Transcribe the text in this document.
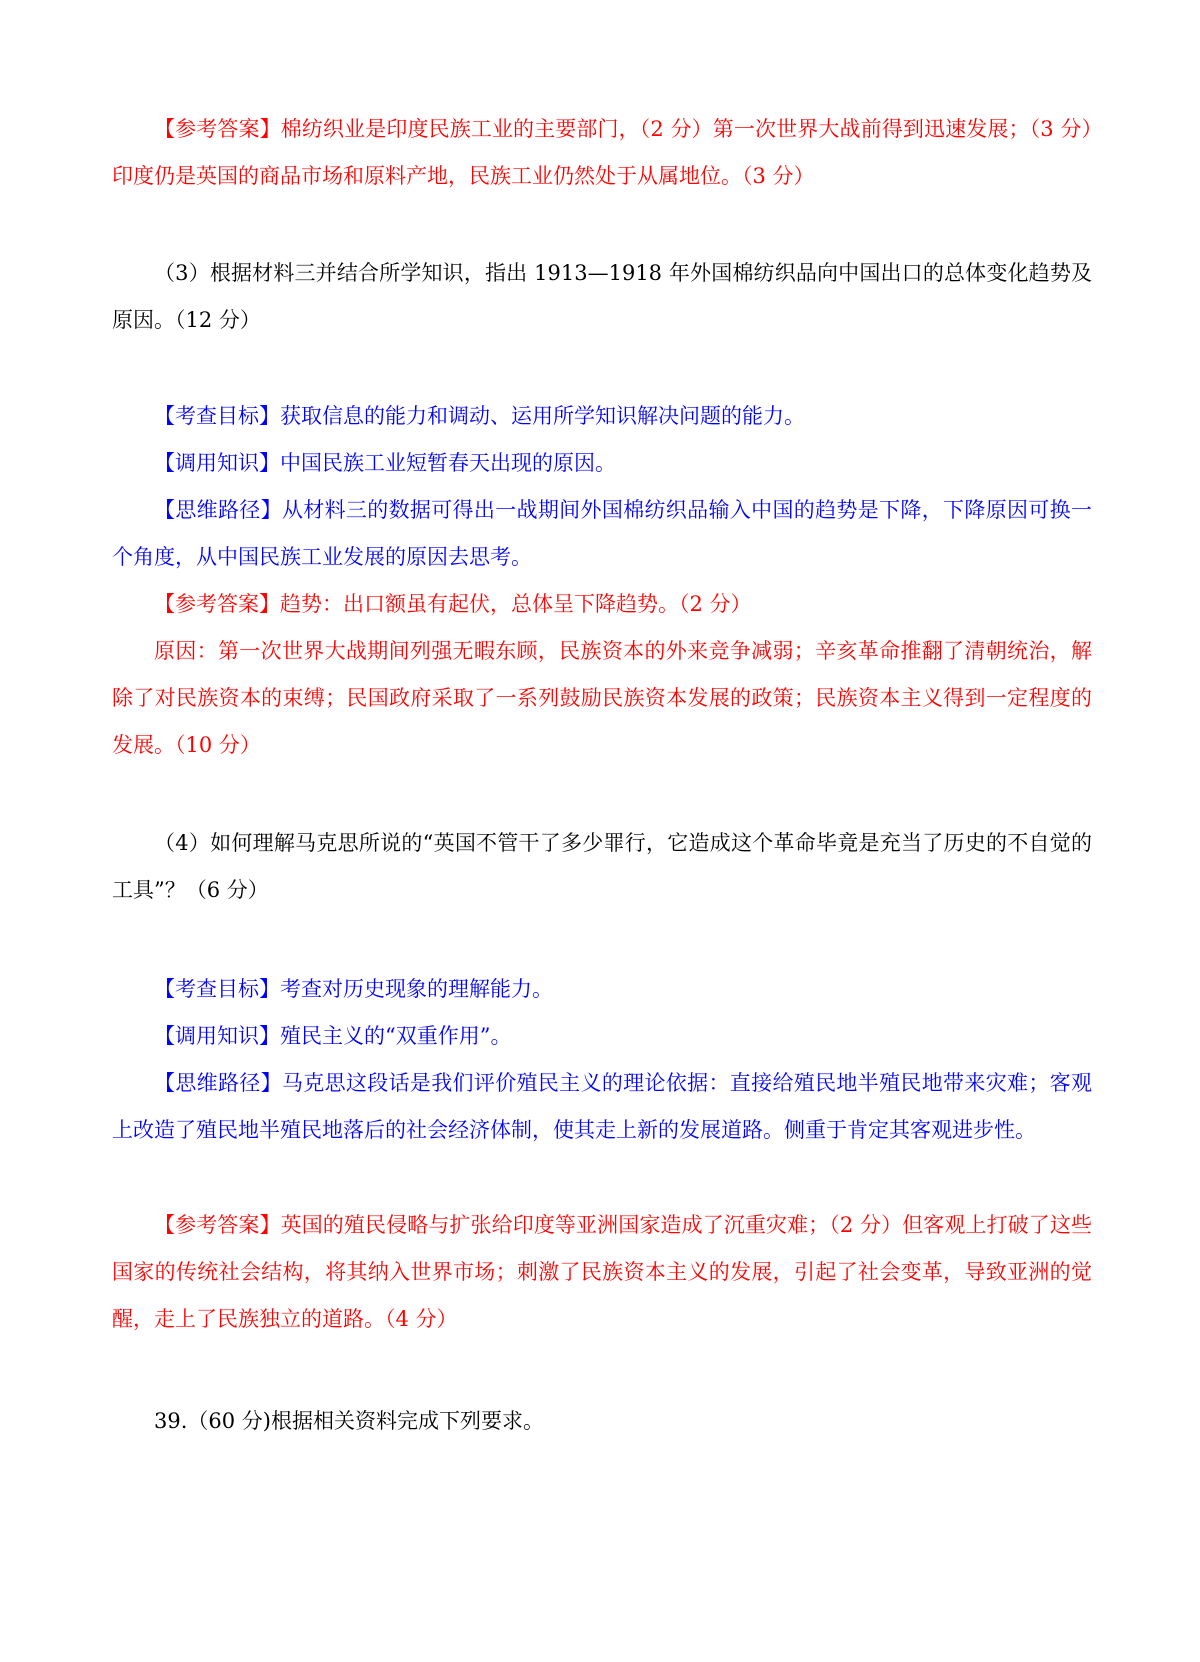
【参考答案】棉纺织业是印度民族工业的主要部门，（2 分）第一次世界大战前得到迅速发展；（3 分）印度仍是英国的商品市场和原料产地，民族工业仍然处于从属地位。（3 分）

（3）根据材料三并结合所学知识，指出 1913—1918 年外国棉纺织品向中国出口的总体变化趋势及原因。（12 分）

【考查目标】获取信息的能力和调动、运用所学知识解决问题的能力。

【调用知识】中国民族工业短暂春天出现的原因。

【思维路径】从材料三的数据可得出一战期间外国棉纺织品输入中国的趋势是下降，下降原因可换一个角度，从中国民族工业发展的原因去思考。

【参考答案】趋势：出口额虽有起伏，总体呈下降趋势。（2 分）

原因：第一次世界大战期间列强无暇东顾，民族资本的外来竞争减弱；辛亥革命推翻了清朝统治，解除了对民族资本的束缚；民国政府采取了一系列鼓励民族资本发展的政策；民族资本主义得到一定程度的发展。（10 分）

（4）如何理解马克思所说的“英国不管干了多少罪行，它造成这个革命毕竟是充当了历史的不自觉的工具”？（6 分）

【考查目标】考查对历史现象的理解能力。

【调用知识】殖民主义的“双重作用”。

【思维路径】马克思这段话是我们评价殖民主义的理论依据：直接给殖民地半殖民地带来灾难；客观上改造了殖民地半殖民地落后的社会经济体制，使其走上新的发展道路。侧重于肯定其客观进步性。

【参考答案】英国的殖民侵略与扩张给印度等亚洲国家造成了沉重灾难；（2 分）但客观上打破了这些国家的传统社会结构，将其纳入世界市场；刺激了民族资本主义的发展，引起了社会变革，导致亚洲的觉醒，走上了民族独立的道路。（4 分）

39.（60 分)根据相关资料完成下列要求。
